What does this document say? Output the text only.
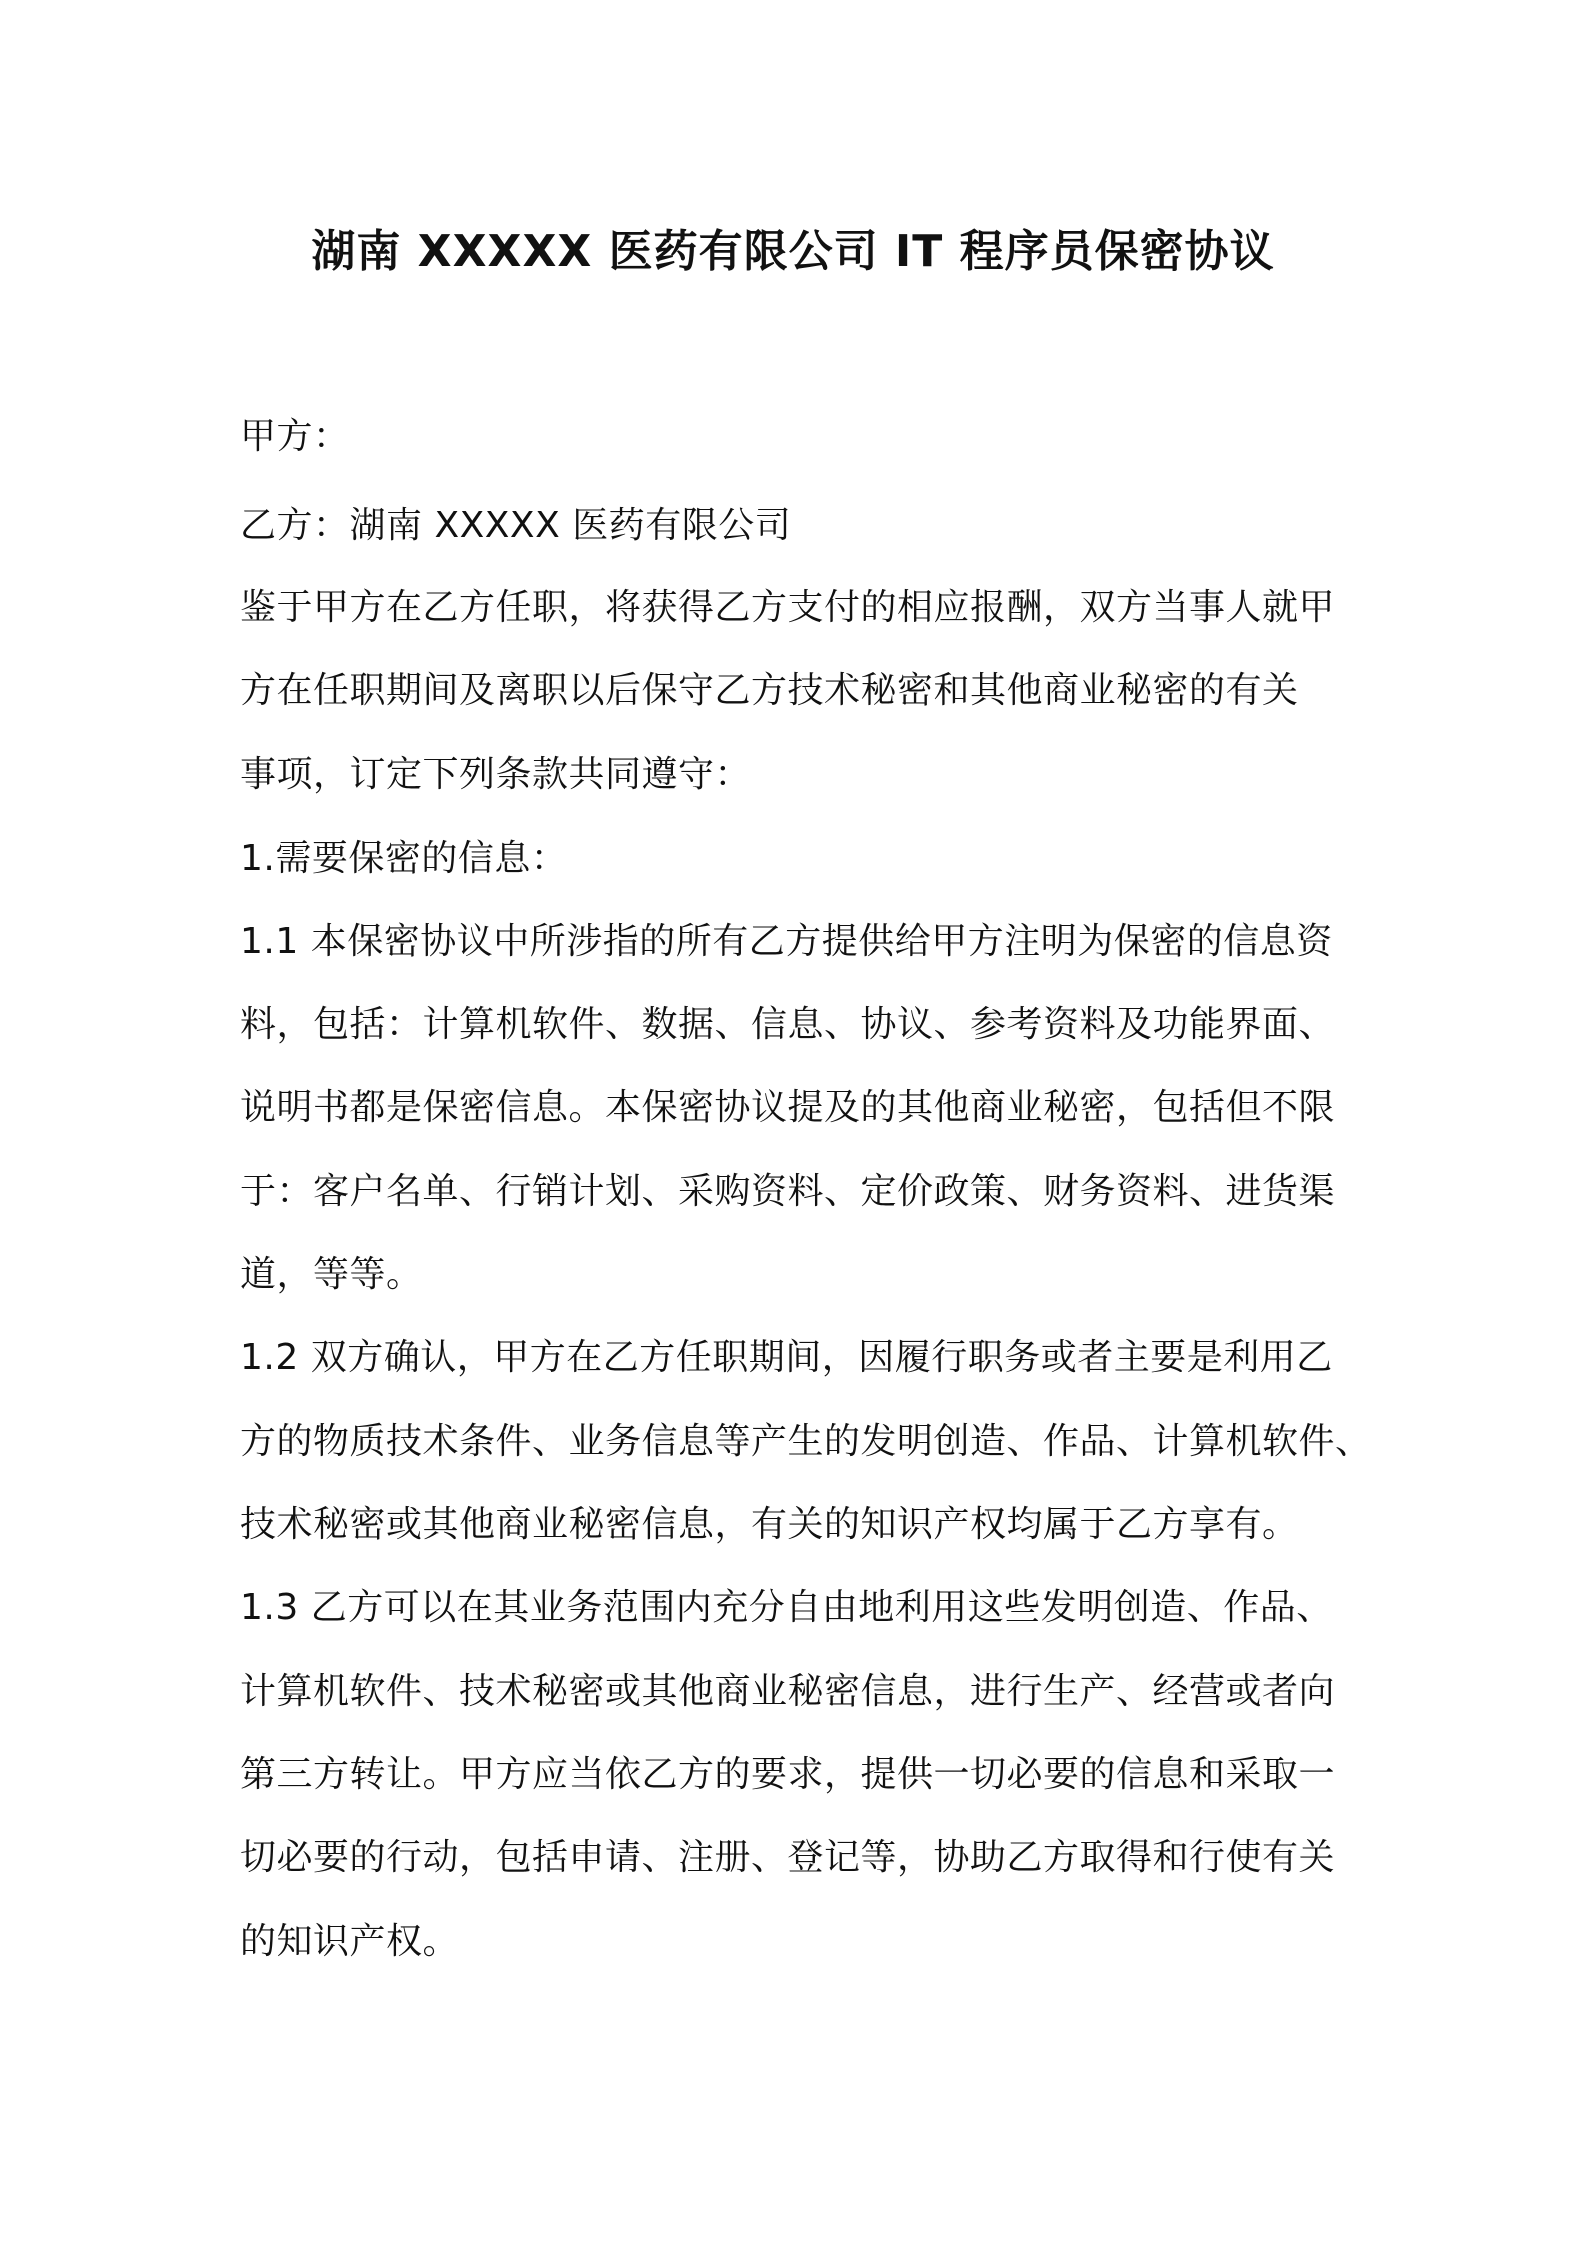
湖南 XXXXX 医药有限公司 IT 程序员保密协议
甲方：
乙方：湖南 XXXXX 医药有限公司
鉴于甲方在乙方任职，将获得乙方支付的相应报酬，双方当事人就甲
方在任职期间及离职以后保守乙方技术秘密和其他商业秘密的有关
事项，订定下列条款共同遵守：
1.需要保密的信息：
1.1 本保密协议中所涉指的所有乙方提供给甲方注明为保密的信息资
料，包括：计算机软件、数据、信息、协议、参考资料及功能界面、
说明书都是保密信息。本保密协议提及的其他商业秘密，包括但不限
于：客户名单、行销计划、采购资料、定价政策、财务资料、进货渠
道，等等。
1.2 双方确认，甲方在乙方任职期间，因履行职务或者主要是利用乙
方的物质技术条件、业务信息等产生的发明创造、作品、计算机软件、
技术秘密或其他商业秘密信息，有关的知识产权均属于乙方享有。
1.3 乙方可以在其业务范围内充分自由地利用这些发明创造、作品、
计算机软件、技术秘密或其他商业秘密信息，进行生产、经营或者向
第三方转让。甲方应当依乙方的要求，提供一切必要的信息和采取一
切必要的行动，包括申请、注册、登记等，协助乙方取得和行使有关
的知识产权。
